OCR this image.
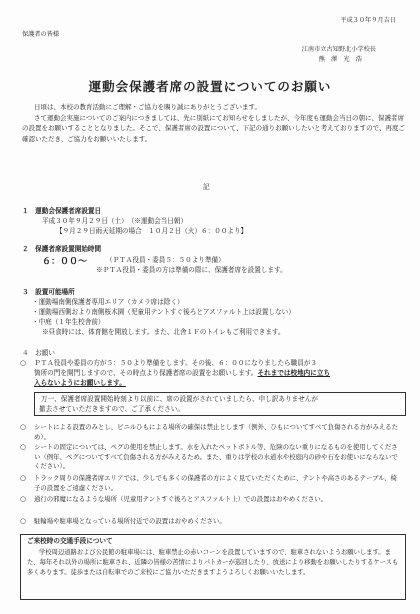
平成３０年９月吉日
保護者の皆様
江南市立古知野北小学校長
熊　澤　光　浩
運動会保護者席の設置についてのお願い
日頃は、本校の教育活動にご理解・ご協力を賜り誠にありがとうございます。
さて運動会実施についてのご案内につきましては、先に別紙にてお知らせをしましたが、今年度も運動会当日の朝に、保護者席の設置をお願いすることとなりました。そこで、保護者席の設置について、下記の通りお願いしたいと考えておりますので、再度ご確認いただき、ご協力をお願いいたします。
記
１　運動会保護者席設置日
平成３０年９月２９日（土）　（※運動会当日朝）
【９月２９日雨天延期の場合　１０月２日（火）６：００より】
２　保護者席設置開始時間
６：００〜	（ＰＴＡ役員・委員５：５０より準備）
※ＰＴＡ役員・委員の方は準備の際に、保護者席を設置します。
３　設置可能場所
・運動場南側保護者専用エリア（カメラ席は除く）
・運動場西側おより南側桜木園（児童用テントすぐ後ろとアスファルト上は設置しない）
・中庭（１年生校舎前）
※昼食時には、体育館を開放します。また、北舎１Ｆのトイレもご利用できます。
４　お願い
○ ＰＴＡ役員や委員の方が５：５０より準備をします。その後、６：００になりましたら職員が３
箇所の門を開門しますので、その時点より保護者席の設置をお願いします。それまでは校地内に立ち
入らないようにお願いします。
万一、保護者席設置開始時刻より以前に、席の設置がされていましたら、申し訳ありませんが
撤去させていただきますので、ご了承ください。
○ シートによる設置のみとし、ビニルひもによる場所の確保は禁止とします（例外、ひもについてすべて負傷される方がみえるため）。
○ シートの固定については、ペグの使用を禁止します。水を入れたペットボトル等、危険のない重りになるものを使用してください（例年、ペグについてすべて負傷される方がみえるため。また、重りは学校の水道水や校庭内の砂や石をお使いにならないでください）。
○ トラック周りの保護者席エリアでは、少しでも多くの保護者の方によく見ていただくために、テントや高さのあるテーブル、椅子の設置をご遠慮ください。
○ 通行の邪魔になるような場所（児童用テントすぐ後ろとアスファルト上）での設置はおやめください。
○ 駐輪場や駐車場となっている場所付近での設置はおやめください。
ご来校時の交通手段について
学校周辺道路および公民館の駐車場には、駐車禁止の赤いコーンを設置していますので、駐車されないようお願いします。また、毎年それ以外の場所に駐車され、近隣の皆様の苦情によりパトカーが巡回したり、放送により移動をお願いしたりするケースも多くあります。徒歩または自転車でのご来校にご協力いただきますようよろしくお願いいたします。
